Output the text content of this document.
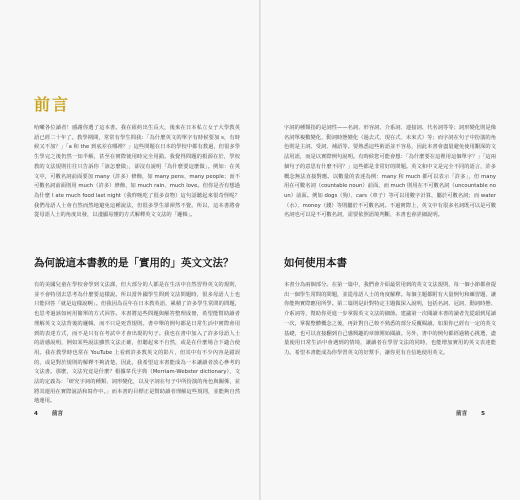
前言

哈囉各位讀者！感謝你選了這本書。我在紐約出生長大，後來在日本私立女子大學教英語已經二十年了。教學期間，常常有學生問我：「為什麼英文的單字有時候要加 s，有時候又不加？」「a 和 the 到底差在哪裡？」這些問題在日本的學校中都有教過，但很多學生學完之後仍然一知半解，甚至在實際使用時完全用錯。我覺得問題的根源在於，學校教的文法規則往往只告訴你「該怎麼做」，卻沒有說明「為什麼要這麼做」。例如：在英文中，可數名詞前面要加 many（許多）修飾，如 many pens、many people；而不可數名詞前面則用 much（許多）修飾，如 much rain、much love。但你是否有想過為什麼 I ate much food last night（我昨晚吃了很多食物）這句話聽起來很奇怪呢？我們母語人士會自然而然地避免這種說法，但很多學生卻渾然不覺。所以，這本書將會從母語人士的角度出發，以淺顯易懂的方式解釋英文文法的「邏輯」。

為何說這本書教的是「實用的」英文文法？

有的美國兒童在學校會學到文法課，但大部分的人都是在生活中自然習得英文的規則，並不會特別去思考為什麼要這樣說。所以當外國學生問到文法問題時，很多母語人士也只能回答「就是這樣說啊」。但我因為長年在日本教英語，累積了許多學生常問的問題，也思考過該如何用簡單的方式回答。本書將這些問題與解答整理成冊，希望能幫助讀者理解英文文法背後的邏輯，而不只是死背規則。書中舉的例句都是日常生活中實際會用到的表達方式，而不是只有在考試中才會出現的句子。我也在書中加入了許多母語人士的語感說明，例如某些說法雖然文法正確，但聽起來不自然，或是在什麼場合下適合使用。我在教學時也常在 YouTube 上看到許多教英文的影片，但其中有不少內容是錯誤的，或是對於規則的解釋不夠清楚。因此，我希望這本書能成為一本讓讀者放心參考的文法書。那麼，文法究竟是什麼？根據韋氏字典（Merriam-Webster dictionary），文法的定義為：「研究字詞的種類、詞形變化，以及字詞在句子中所扮演的角色與關係，並將其運用在實際說話和寫作中。」而本書的目標正是幫助讀者理解這些規則，並能夠自然地運用。

4 前言

字詞的種類指的是詞性——名詞、形容詞、介系詞、連接詞、代名詞等等；詞形變化則是像名詞單複數變化、動詞時態變化（過去式、現在式、未來式）等；而字詞在句子中扮演的角色則是主詞、受詞、補語等。要熟悉這些術語並不容易，因此本書會盡量避免使用艱深的文法用語，而是以實際例句說明。有時候您可能會想：「為什麼要在這裡用這個單字？」「這兩個句子的意思有什麼不同？」這些都是非常好的問題。英文和中文是完全不同的語言，許多概念無法直接對應。以數量的表達為例：many 和 much 都可以表示「許多」，但 many 用在可數名詞（countable noun）前面，而 much 則用在不可數名詞（uncountable noun）前面。例如 dogs（狗）、cars（車子）等可以用數字計算，屬於可數名詞；而 water（水）、money（錢）等則屬於不可數名詞。不過實際上，英文中有很多名詞既可以是可數名詞也可以是不可數名詞，需要依照語境判斷，本書也會詳細說明。

如何使用本書

本書分為兩個部分。在第一篇中，我們會介紹最常用到的英文文法規則，每一個小節都會提出一個學生常問的問題，並從母語人士的角度解釋。每個主題都附有大量例句和練習題，讓你能夠實際應用所學。第二篇則是針對特定主題做深入說明，包括名詞、冠詞、動詞時態、介系詞等，幫助你更進一步掌握英文文法的細節。建議第一次閱讀本書的讀者先從頭到尾讀一次，掌握整體概念之後，再針對自己較不熟悉的部分反覆閱讀。如果你已經有一定的英文基礎，也可以直接翻到自己感興趣的章節開始閱讀。另外，書中的例句都經過精心挑選，盡量使用日常生活中會遇到的情境，讓讀者在學習文法的同時，也能增加實用的英文表達能力。希望本書能成為你學習英文的好幫手，讓你更有自信地使用英文。

前言 5
